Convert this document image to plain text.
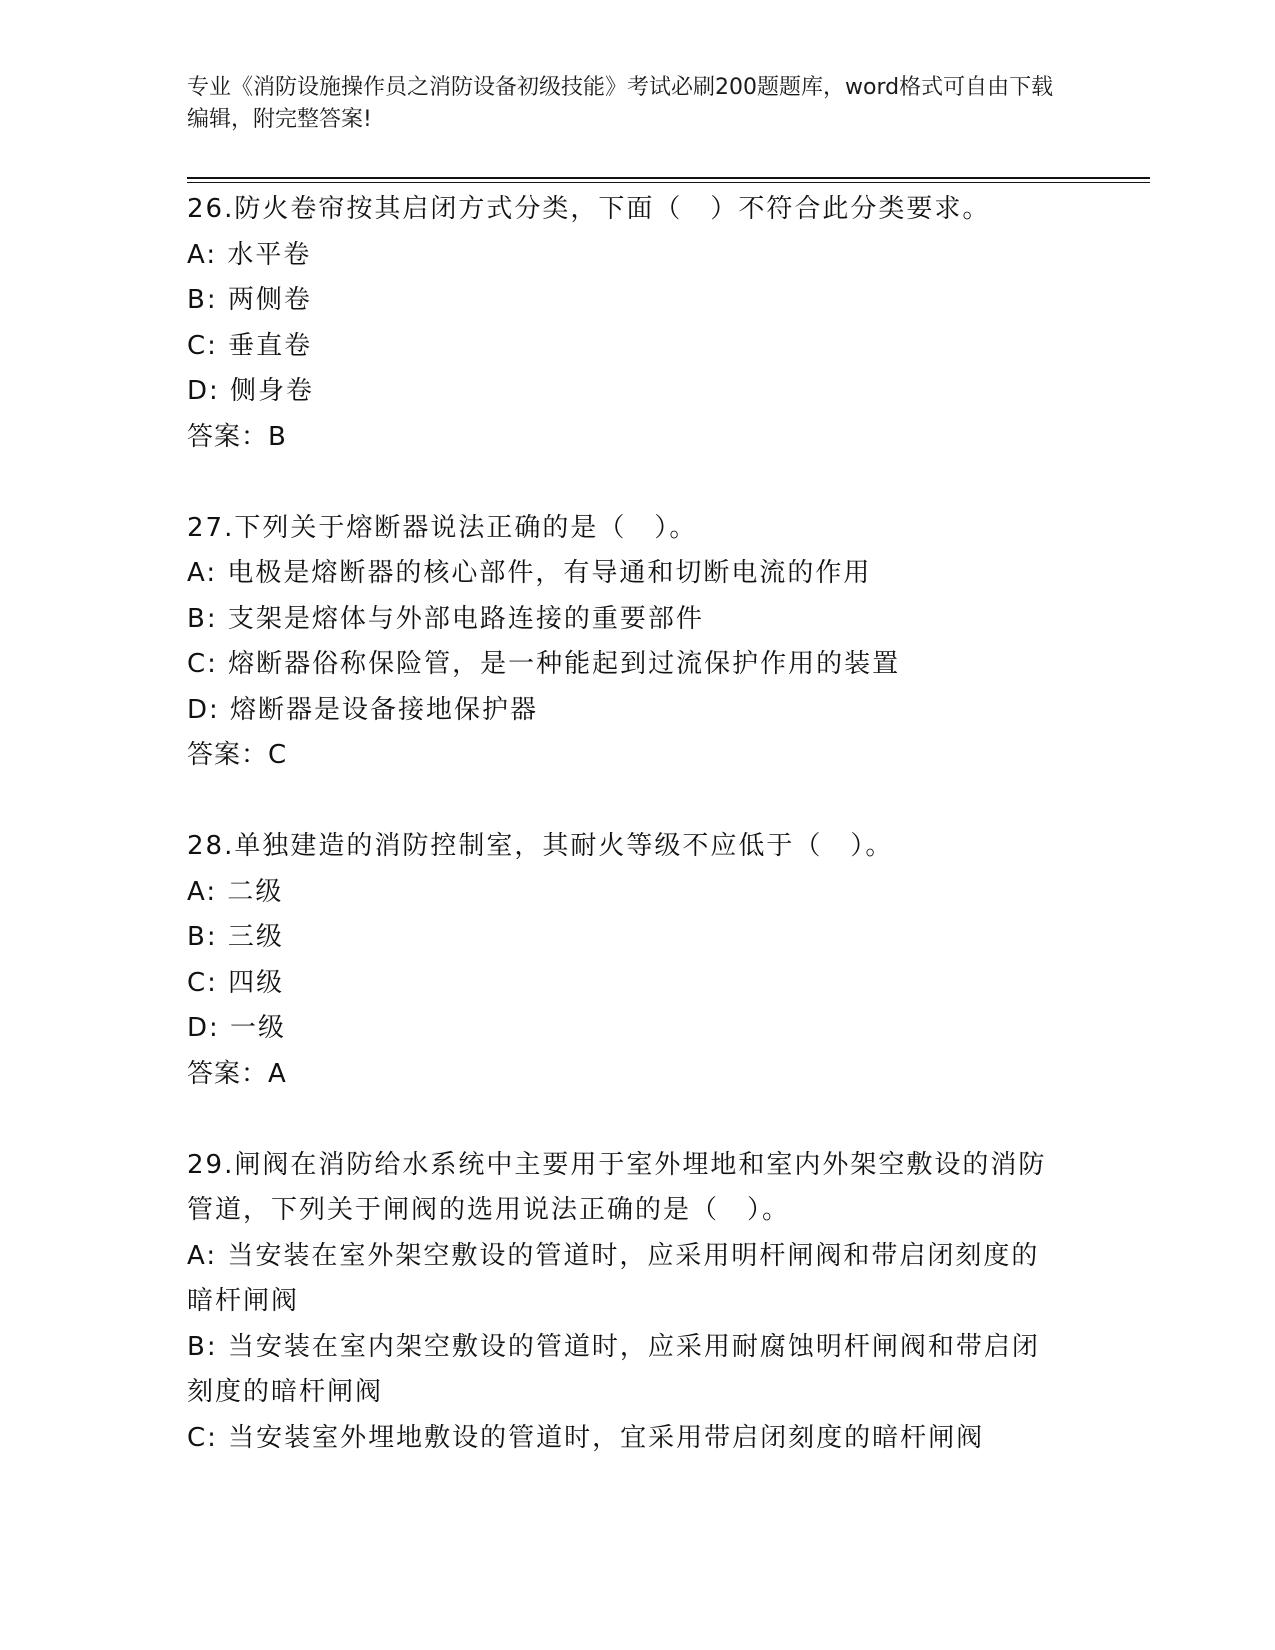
专业《消防设施操作员之消防设备初级技能》考试必刷200题题库，word格式可自由下载编辑，附完整答案!

26.防火卷帘按其启闭方式分类，下面（　）不符合此分类要求。

A: 水平卷

B: 两侧卷

C: 垂直卷

D: 侧身卷

答案：B

27.下列关于熔断器说法正确的是（　）。

A: 电极是熔断器的核心部件，有导通和切断电流的作用

B: 支架是熔体与外部电路连接的重要部件

C: 熔断器俗称保险管，是一种能起到过流保护作用的装置

D: 熔断器是设备接地保护器

答案：C

28.单独建造的消防控制室，其耐火等级不应低于（　）。

A: 二级

B: 三级

C: 四级

D: 一级

答案：A

29.闸阀在消防给水系统中主要用于室外埋地和室内外架空敷设的消防管道，下列关于闸阀的选用说法正确的是（　）。

A: 当安装在室外架空敷设的管道时，应采用明杆闸阀和带启闭刻度的暗杆闸阀

B: 当安装在室内架空敷设的管道时，应采用耐腐蚀明杆闸阀和带启闭刻度的暗杆闸阀

C: 当安装室外埋地敷设的管道时，宜采用带启闭刻度的暗杆闸阀
